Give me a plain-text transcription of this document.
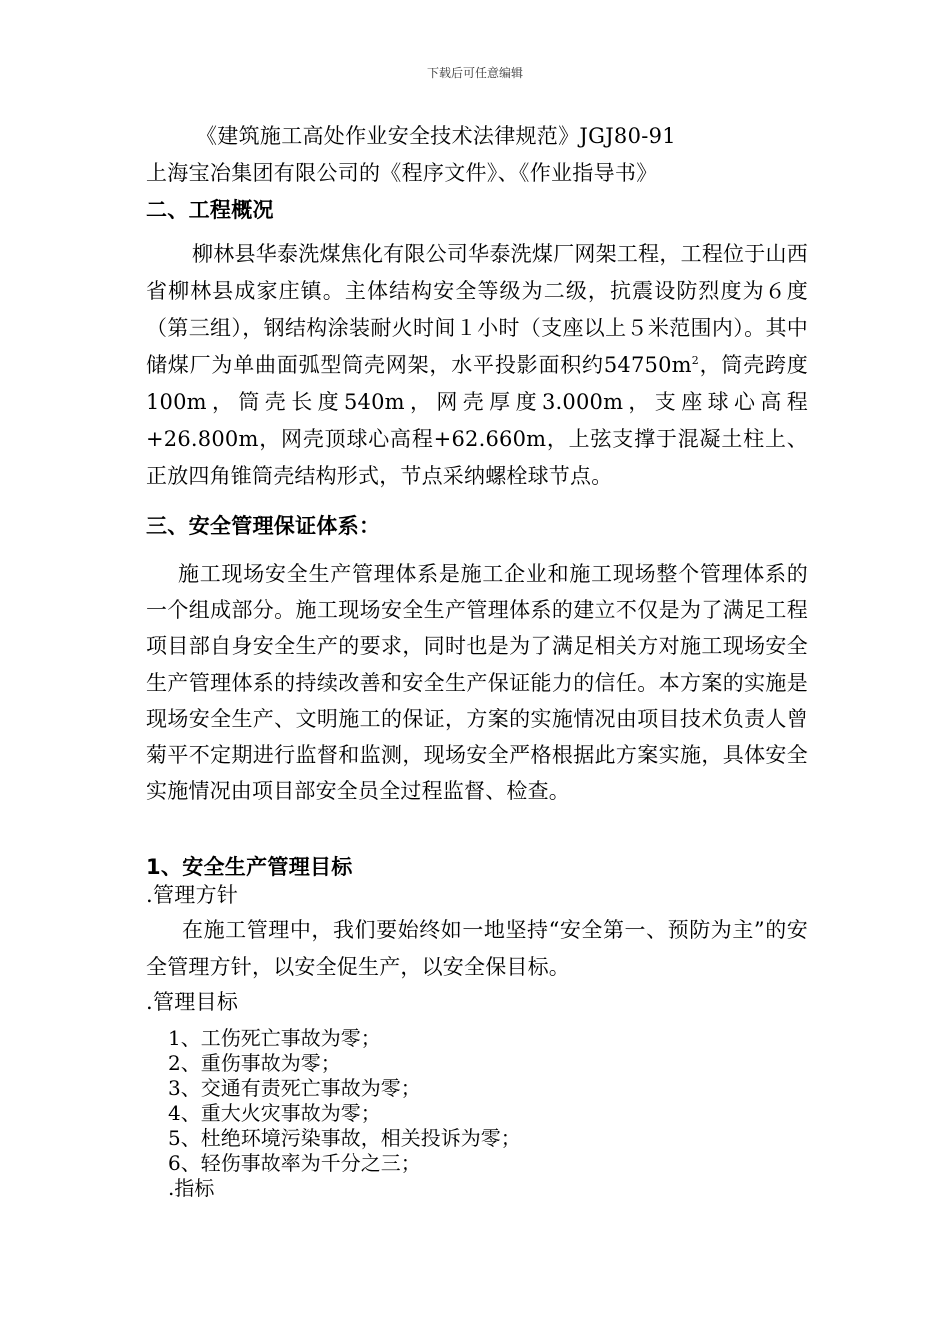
下载后可任意编辑
《建筑施工高处作业安全技术法律规范》JGJ80-91
上海宝冶集团有限公司的《程序文件》、《作业指导书》
二、工程概况
柳林县华泰洗煤焦化有限公司华泰洗煤厂网架工程，工程位于山西省柳林县成家庄镇。主体结构安全等级为二级，抗震设防烈度为６度（第三组），钢结构涂装耐火时间１小时（支座以上５米范围内）。其中储煤厂为单曲面弧型筒壳网架，水平投影面积约$54750m^2$，筒壳跨度100m，筒壳长度540m，网壳厚度3.000m，支座球心高程+26.800m，网壳顶球心高程+62.660m，上弦支撑于混凝土柱上、正放四角锥筒壳结构形式，节点采纳螺栓球节点。
三、安全管理保证体系：
施工现场安全生产管理体系是施工企业和施工现场整个管理体系的一个组成部分。施工现场安全生产管理体系的建立不仅是为了满足工程项目部自身安全生产的要求，同时也是为了满足相关方对施工现场安全生产管理体系的持续改善和安全生产保证能力的信任。本方案的实施是现场安全生产、文明施工的保证，方案的实施情况由项目技术负责人曾菊平不定期进行监督和监测，现场安全严格根据此方案实施，具体安全实施情况由项目部安全员全过程监督、检查。
1、安全生产管理目标
.管理方针
在施工管理中，我们要始终如一地坚持“安全第一、预防为主”的安全管理方针，以安全促生产，以安全保目标。
.管理目标
1、工伤死亡事故为零；
2、重伤事故为零；
3、交通有责死亡事故为零；
4、重大火灾事故为零；
5、杜绝环境污染事故，相关投诉为零；
6、轻伤事故率为千分之三；
.指标
